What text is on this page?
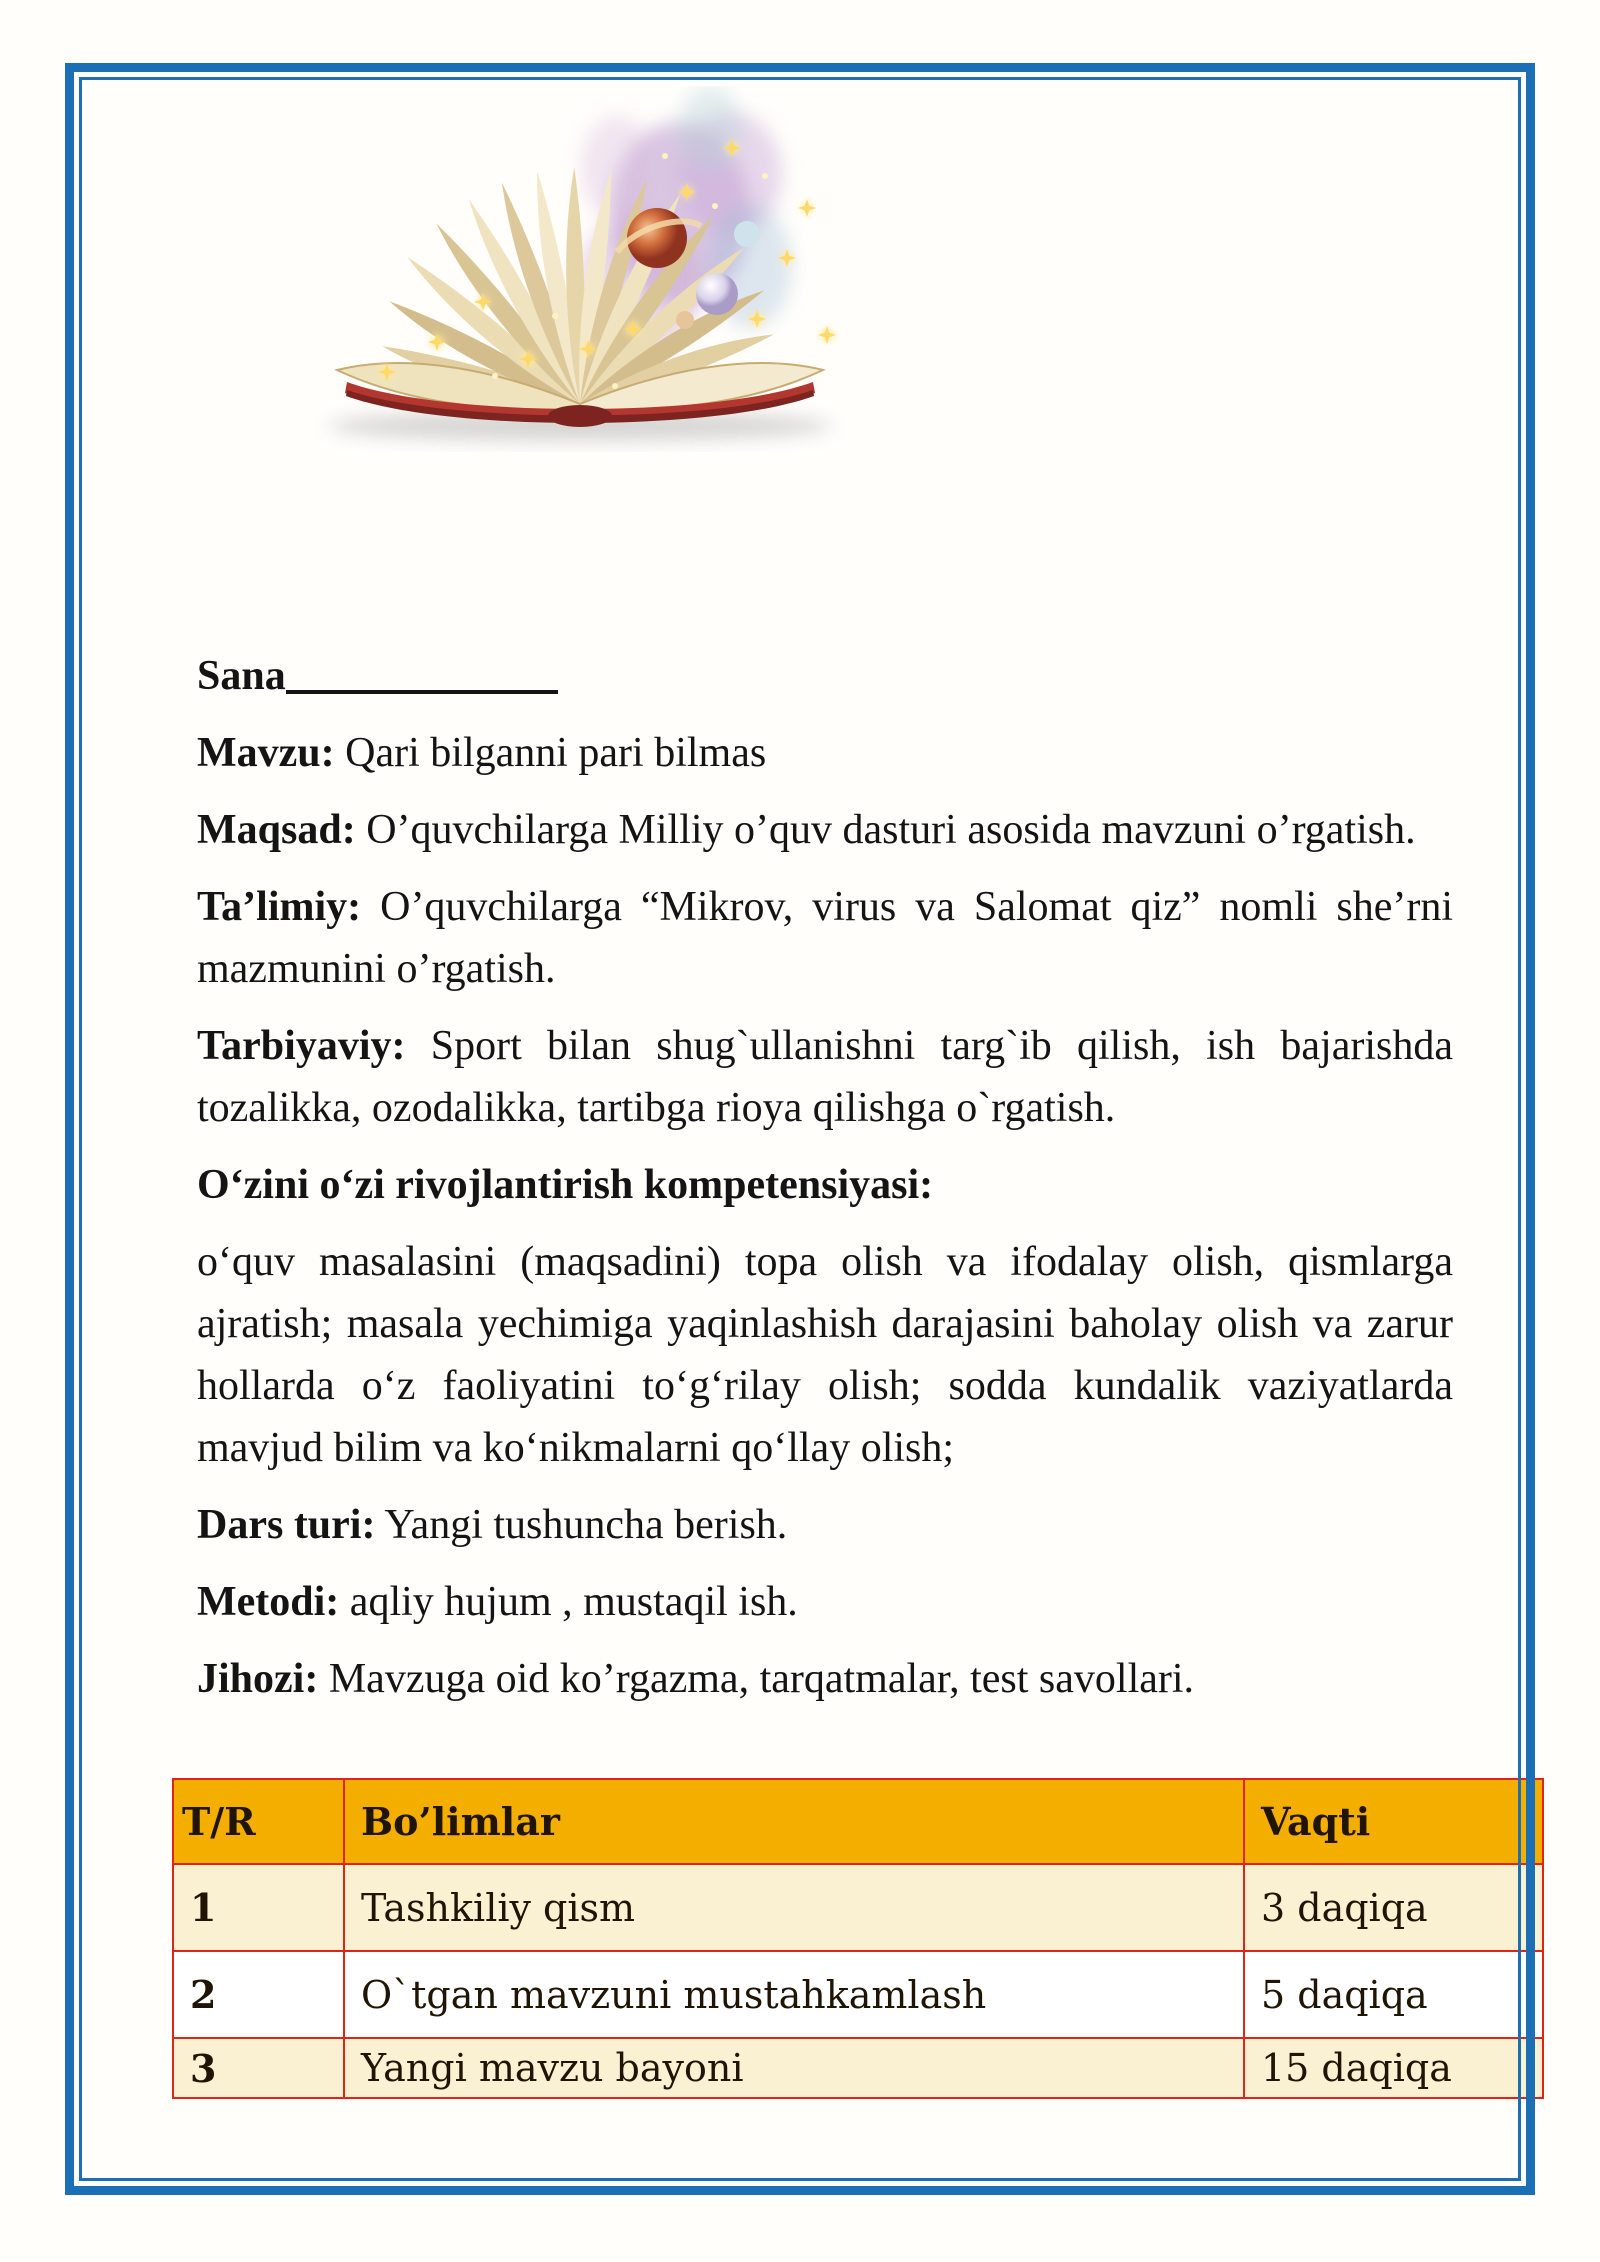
Sana

Mavzu: Qari bilganni pari bilmas

Maqsad: O’quvchilarga Milliy o’quv dasturi asosida mavzuni o’rgatish.

Ta’limiy: O’quvchilarga “Mikrov, virus va Salomat qiz” nomli she’rni mazmunini o’rgatish.

Tarbiyaviy: Sport bilan shug`ullanishni targ`ib qilish, ish bajarishda tozalikka, ozodalikka, tartibga rioya qilishga o`rgatish.

O‘zini o‘zi rivojlantirish kompetensiyasi:

o‘quv masalasini (maqsadini) topa olish va ifodalay olish, qismlarga ajratish; masala yechimiga yaqinlashish darajasini baholay olish va zarur hollarda o‘z faoliyatini to‘g‘rilay olish; sodda kundalik vaziyatlarda mavjud bilim va ko‘nikmalarni qo‘llay olish;

Dars turi: Yangi tushuncha berish.

Metodi: aqliy hujum , mustaqil ish.

Jihozi: Mavzuga oid ko’rgazma, tarqatmalar, test savollari.

T/R	Bo’limlar	Vaqti
1	Tashkiliy qism	3 daqiqa
2	O`tgan mavzuni mustahkamlash	5 daqiqa
3	Yangi mavzu bayoni	15 daqiqa
